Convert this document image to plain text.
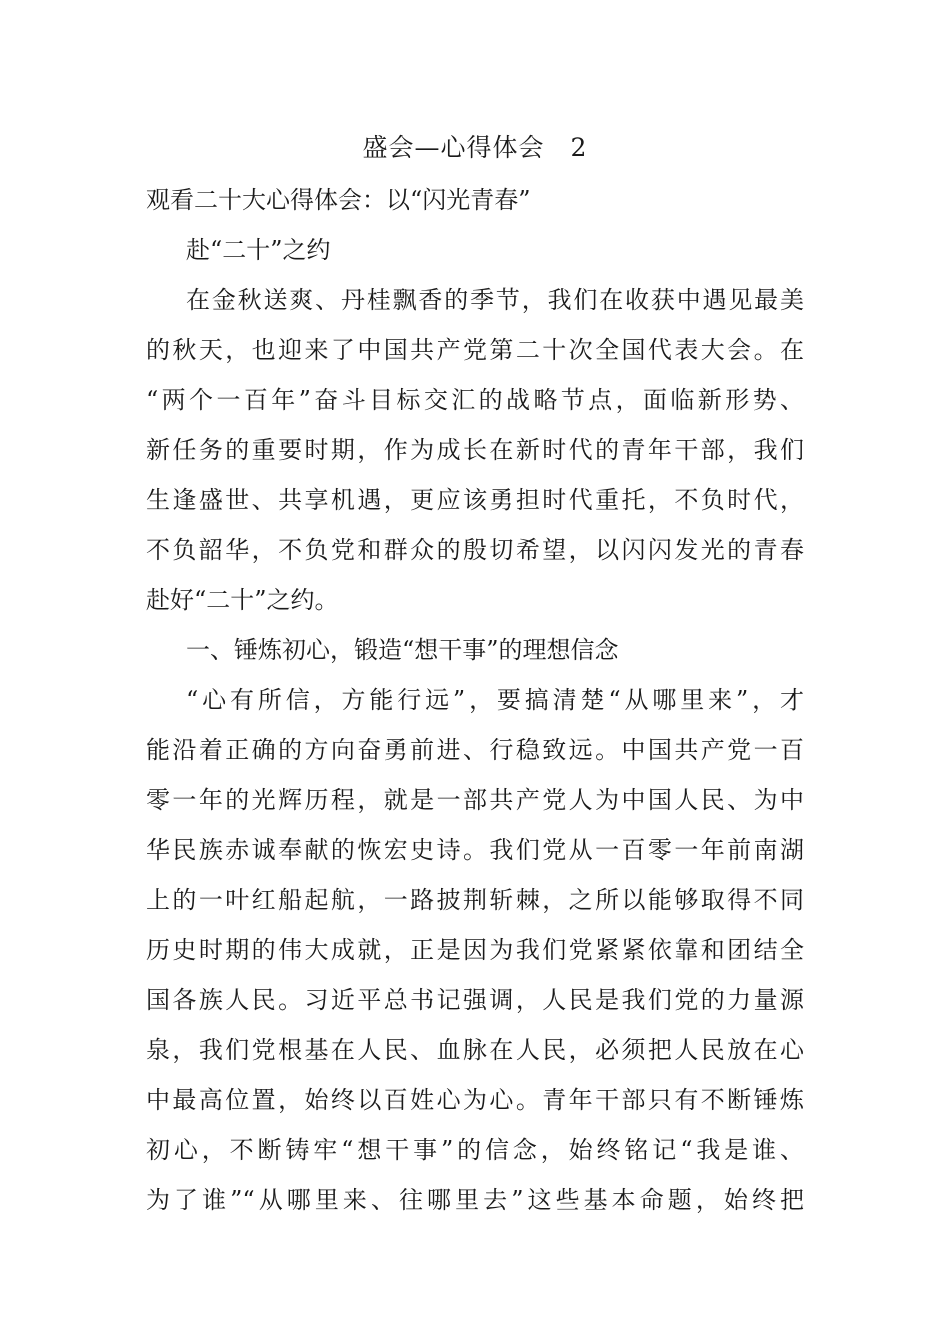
盛会—心得体会　2
观看二十大心得体会：以“闪光青春”
赴“二十”之约
在金秋送爽、丹桂飘香的季节，我们在收获中遇见最美
的秋天，也迎来了中国共产党第二十次全国代表大会。在
“两个一百年”奋斗目标交汇的战略节点，面临新形势、
新任务的重要时期，作为成长在新时代的青年干部，我们
生逢盛世、共享机遇，更应该勇担时代重托，不负时代，
不负韶华，不负党和群众的殷切希望，以闪闪发光的青春
赴好“二十”之约。
一、锤炼初心，锻造“想干事”的理想信念
“心有所信，方能行远”，要搞清楚“从哪里来”，才
能沿着正确的方向奋勇前进、行稳致远。中国共产党一百
零一年的光辉历程，就是一部共产党人为中国人民、为中
华民族赤诚奉献的恢宏史诗。我们党从一百零一年前南湖
上的一叶红船起航，一路披荆斩棘，之所以能够取得不同
历史时期的伟大成就，正是因为我们党紧紧依靠和团结全
国各族人民。习近平总书记强调，人民是我们党的力量源
泉，我们党根基在人民、血脉在人民，必须把人民放在心
中最高位置，始终以百姓心为心。青年干部只有不断锤炼
初心，不断铸牢“想干事”的信念，始终铭记“我是谁、
为了谁”“从哪里来、往哪里去”这些基本命题，始终把
